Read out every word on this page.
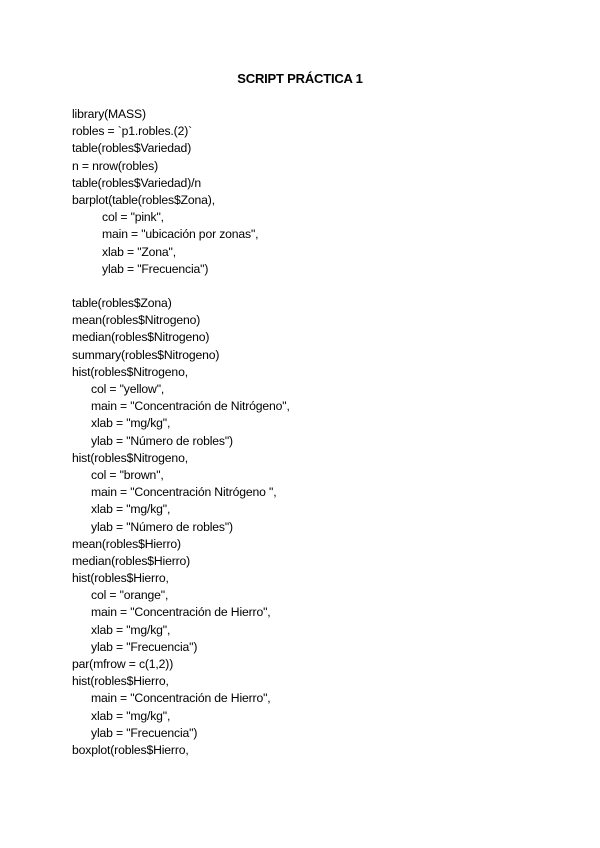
SCRIPT PRÁCTICA 1
library(MASS)
robles = `p1.robles.(2)`
table(robles$Variedad)
n = nrow(robles)
table(robles$Variedad)/n
barplot(table(robles$Zona),
col = "pink",
main = "ubicación por zonas",
xlab = "Zona",
ylab = "Frecuencia")
table(robles$Zona)
mean(robles$Nitrogeno)
median(robles$Nitrogeno)
summary(robles$Nitrogeno)
hist(robles$Nitrogeno,
col = "yellow",
main = "Concentración de Nitrógeno",
xlab = "mg/kg",
ylab = "Número de robles")
hist(robles$Nitrogeno,
col = "brown",
main = "Concentración Nitrógeno ",
xlab = "mg/kg",
ylab = "Número de robles")
mean(robles$Hierro)
median(robles$Hierro)
hist(robles$Hierro,
col = "orange",
main = "Concentración de Hierro",
xlab = "mg/kg",
ylab = "Frecuencia")
par(mfrow = c(1,2))
hist(robles$Hierro,
main = "Concentración de Hierro",
xlab = "mg/kg",
ylab = "Frecuencia")
boxplot(robles$Hierro,
